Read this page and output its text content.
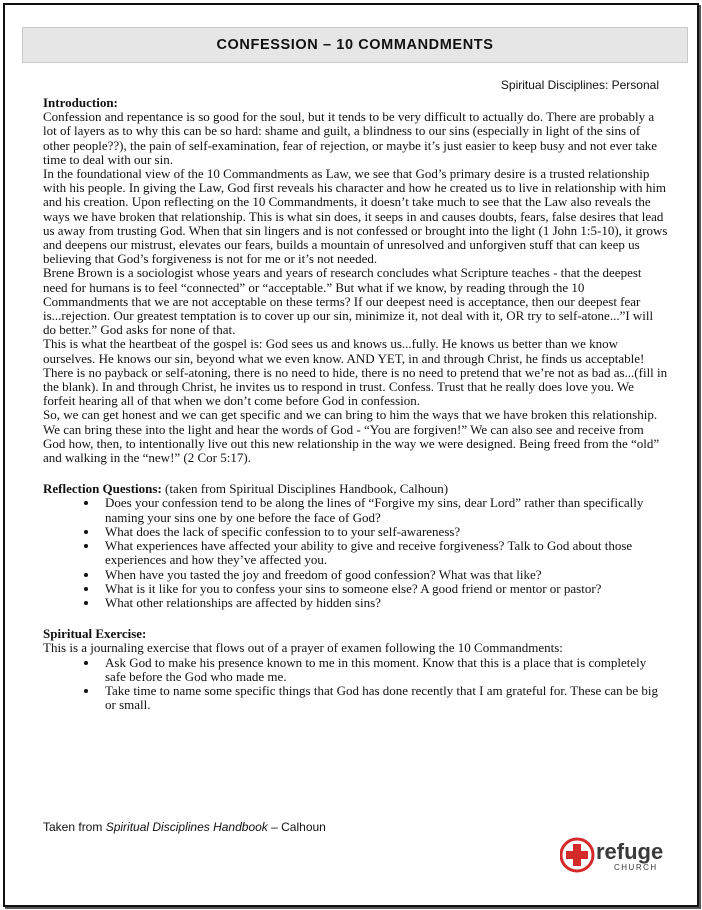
CONFESSION – 10 COMMANDMENTS
Spiritual Disciplines: Personal

Introduction:

Confession and repentance is so good for the soul, but it tends to be very difficult to actually do. There are probably a lot of layers as to why this can be so hard: shame and guilt, a blindness to our sins (especially in light of the sins of other people??), the pain of self-examination, fear of rejection, or maybe it’s just easier to keep busy and not ever take time to deal with our sin.

In the foundational view of the 10 Commandments as Law, we see that God’s primary desire is a trusted relationship with his people. In giving the Law, God first reveals his character and how he created us to live in relationship with him and his creation. Upon reflecting on the 10 Commandments, it doesn’t take much to see that the Law also reveals the ways we have broken that relationship. This is what sin does, it seeps in and causes doubts, fears, false desires that lead us away from trusting God. When that sin lingers and is not confessed or brought into the light (1 John 1:5-10), it grows and deepens our mistrust, elevates our fears, builds a mountain of unresolved and unforgiven stuff that can keep us believing that God’s forgiveness is not for me or it’s not needed.

Brene Brown is a sociologist whose years and years of research concludes what Scripture teaches - that the deepest need for humans is to feel “connected” or “acceptable.” But what if we know, by reading through the 10 Commandments that we are not acceptable on these terms? If our deepest need is acceptance, then our deepest fear is...rejection. Our greatest temptation is to cover up our sin, minimize it, not deal with it, OR try to self-atone...”I will do better.” God asks for none of that.

This is what the heartbeat of the gospel is: God sees us and knows us...fully. He knows us better than we know ourselves. He knows our sin, beyond what we even know. AND YET, in and through Christ, he finds us acceptable! There is no payback or self-atoning, there is no need to hide, there is no need to pretend that we’re not as bad as...(fill in the blank). In and through Christ, he invites us to respond in trust. Confess. Trust that he really does love you. We forfeit hearing all of that when we don’t come before God in confession.

So, we can get honest and we can get specific and we can bring to him the ways that we have broken this relationship. We can bring these into the light and hear the words of God - “You are forgiven!” We can also see and receive from God how, then, to intentionally live out this new relationship in the way we were designed. Being freed from the “old” and walking in the “new!” (2 Cor 5:17).

Reflection Questions: (taken from Spiritual Disciplines Handbook, Calhoun)

• Does your confession tend to be along the lines of “Forgive my sins, dear Lord” rather than specifically naming your sins one by one before the face of God?
• What does the lack of specific confession to to your self-awareness?
• What experiences have affected your ability to give and receive forgiveness? Talk to God about those experiences and how they’ve affected you.
• When have you tasted the joy and freedom of good confession? What was that like?
• What is it like for you to confess your sins to someone else? A good friend or mentor or pastor?
• What other relationships are affected by hidden sins?

Spiritual Exercise:

This is a journaling exercise that flows out of a prayer of examen following the 10 Commandments:

• Ask God to make his presence known to me in this moment. Know that this is a place that is completely safe before the God who made me.
• Take time to name some specific things that God has done recently that I am grateful for. These can be big or small.
Taken from Spiritual Disciplines Handbook – Calhoun
refuge
CHURCH
